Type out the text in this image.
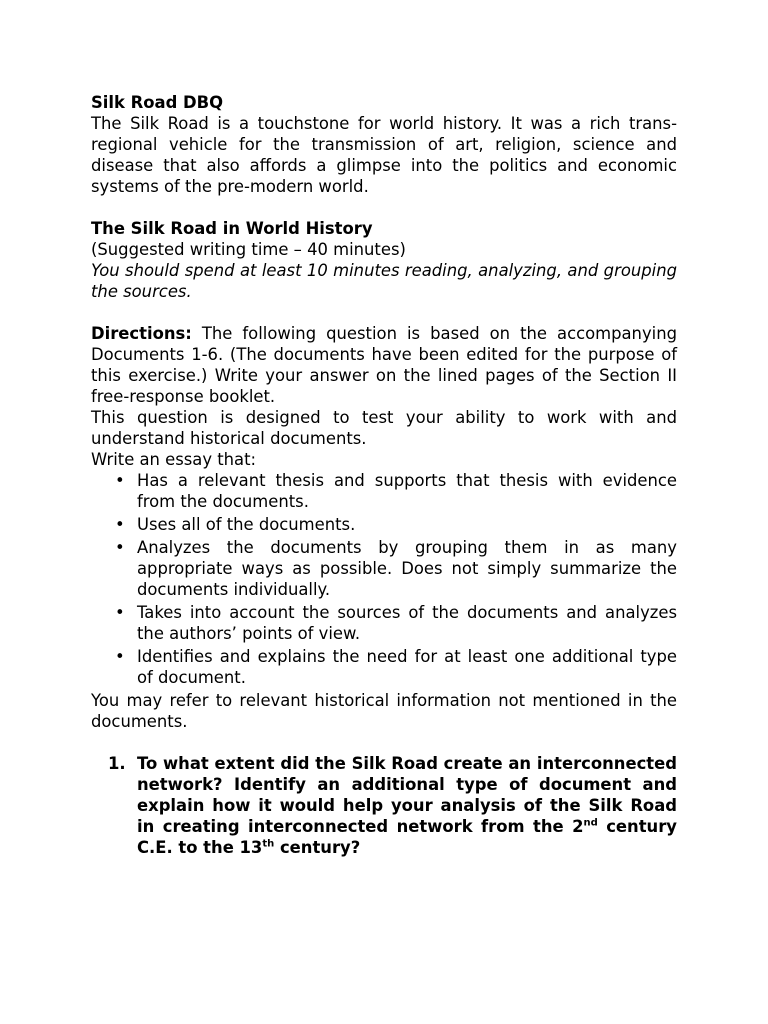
Silk Road DBQ

The Silk Road is a touchstone for world history. It was a rich trans-regional vehicle for the transmission of art, religion, science and disease that also affords a glimpse into the politics and economic systems of the pre-modern world.

The Silk Road in World History

(Suggested writing time – 40 minutes)

You should spend at least 10 minutes reading, analyzing, and grouping the sources.

Directions: The following question is based on the accompanying Documents 1-6. (The documents have been edited for the purpose of this exercise.) Write your answer on the lined pages of the Section II free-response booklet.

This question is designed to test your ability to work with and understand historical documents.

Write an essay that:

• Has a relevant thesis and supports that thesis with evidence from the documents.
• Uses all of the documents.
• Analyzes the documents by grouping them in as many appropriate ways as possible. Does not simply summarize the documents individually.
• Takes into account the sources of the documents and analyzes the authors’ points of view.
• Identifies and explains the need for at least one additional type of document.

You may refer to relevant historical information not mentioned in the documents.

1. To what extent did the Silk Road create an interconnected network? Identify an additional type of document and explain how it would help your analysis of the Silk Road in creating interconnected network from the 2nd century C.E. to the 13th century?
